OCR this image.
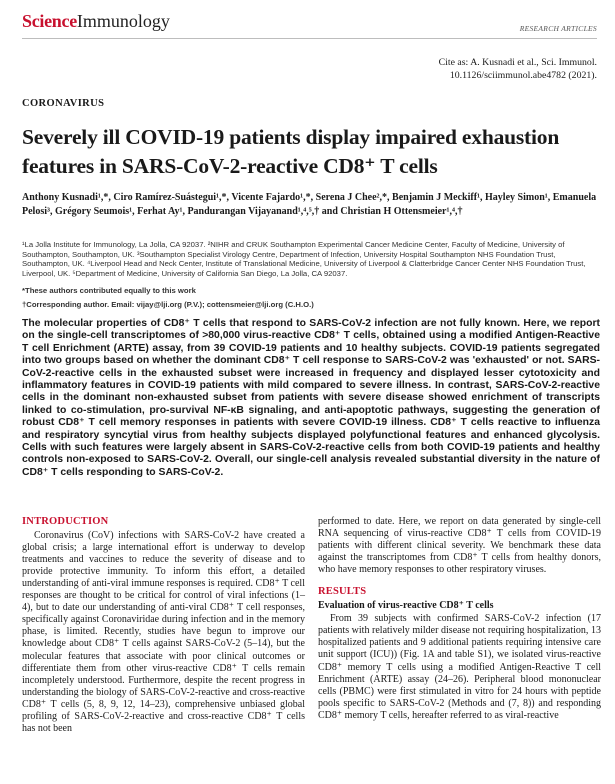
ScienceImmunology	RESEARCH ARTICLES
Cite as: A. Kusnadi et al., Sci. Immunol.
10.1126/sciimmunol.abe4782 (2021).
CORONAVIRUS
Severely ill COVID-19 patients display impaired exhaustion features in SARS-CoV-2-reactive CD8⁺ T cells
Anthony Kusnadi¹,*, Ciro Ramírez-Suástegui¹,*, Vicente Fajardo¹,*, Serena J Chee²,*, Benjamin J Meckiff¹, Hayley Simon¹, Emanuela Pelosi³, Grégory Seumois¹, Ferhat Ay¹, Pandurangan Vijayanand¹,⁴,⁵,† and Christian H Ottensmeier¹,⁴,†
¹La Jolla Institute for Immunology, La Jolla, CA 92037. ²NIHR and CRUK Southampton Experimental Cancer Medicine Center, Faculty of Medicine, University of Southampton, Southampton, UK. ³Southampton Specialist Virology Centre, Department of Infection, University Hospital Southampton NHS Foundation Trust, Southampton, UK. ⁴Liverpool Head and Neck Center, Institute of Translational Medicine, University of Liverpool & Clatterbridge Cancer Center NHS Foundation Trust, Liverpool, UK. ⁵Department of Medicine, University of California San Diego, La Jolla, CA 92037.
*These authors contributed equally to this work
†Corresponding author. Email: vijay@lji.org (P.V.); cottensmeier@lji.org (C.H.O.)
The molecular properties of CD8⁺ T cells that respond to SARS-CoV-2 infection are not fully known. Here, we report on the single-cell transcriptomes of >80,000 virus-reactive CD8⁺ T cells, obtained using a modified Antigen-Reactive T cell Enrichment (ARTE) assay, from 39 COVID-19 patients and 10 healthy subjects. COVID-19 patients segregated into two groups based on whether the dominant CD8⁺ T cell response to SARS-CoV-2 was 'exhausted' or not. SARS-CoV-2-reactive cells in the exhausted subset were increased in frequency and displayed lesser cytotoxicity and inflammatory features in COVID-19 patients with mild compared to severe illness. In contrast, SARS-CoV-2-reactive cells in the dominant non-exhausted subset from patients with severe disease showed enrichment of transcripts linked to co-stimulation, pro-survival NF-κB signaling, and anti-apoptotic pathways, suggesting the generation of robust CD8⁺ T cell memory responses in patients with severe COVID-19 illness. CD8⁺ T cells reactive to influenza and respiratory syncytial virus from healthy subjects displayed polyfunctional features and enhanced glycolysis. Cells with such features were largely absent in SARS-CoV-2-reactive cells from both COVID-19 patients and healthy controls non-exposed to SARS-CoV-2. Overall, our single-cell analysis revealed substantial diversity in the nature of CD8⁺ T cells responding to SARS-CoV-2.
INTRODUCTION

Coronavirus (CoV) infections with SARS-CoV-2 have created a global crisis; a large international effort is underway to develop treatments and vaccines to reduce the severity of disease and to provide protective immunity. To inform this effort, a detailed understanding of anti-viral immune responses is required. CD8⁺ T cell responses are thought to be critical for control of viral infections (1–4), but to date our understanding of anti-viral CD8⁺ T cell responses, specifically against Coronaviridae during infection and in the memory phase, is limited. Recently, studies have begun to improve our knowledge about CD8⁺ T cells against SARS-CoV-2 (5–14), but the molecular features that associate with poor clinical outcomes or differentiate them from other virus-reactive CD8⁺ T cells remain incompletely understood. Furthermore, despite the recent progress in understanding the biology of SARS-CoV-2-reactive and cross-reactive CD8⁺ T cells (5, 8, 9, 12, 14–23), comprehensive unbiased global profiling of SARS-CoV-2-reactive and cross-reactive CD8⁺ T cells has not been

performed to date. Here, we report on data generated by single-cell RNA sequencing of virus-reactive CD8⁺ T cells from COVID-19 patients with different clinical severity. We benchmark these data against the transcriptomes from CD8⁺ T cells from healthy donors, who have memory responses to other respiratory viruses.

RESULTS
Evaluation of virus-reactive CD8⁺ T cells

From 39 subjects with confirmed SARS-CoV-2 infection (17 patients with relatively milder disease not requiring hospitalization, 13 hospitalized patients and 9 additional patients requiring intensive care unit support (ICU)) (Fig. 1A and table S1), we isolated virus-reactive CD8⁺ memory T cells using a modified Antigen-Reactive T cell Enrichment (ARTE) assay (24–26). Peripheral blood mononuclear cells (PBMC) were first stimulated in vitro for 24 hours with peptide pools specific to SARS-CoV-2 (Methods and (7, 8)) and responding CD8⁺ memory T cells, hereafter referred to as viral-reactive
